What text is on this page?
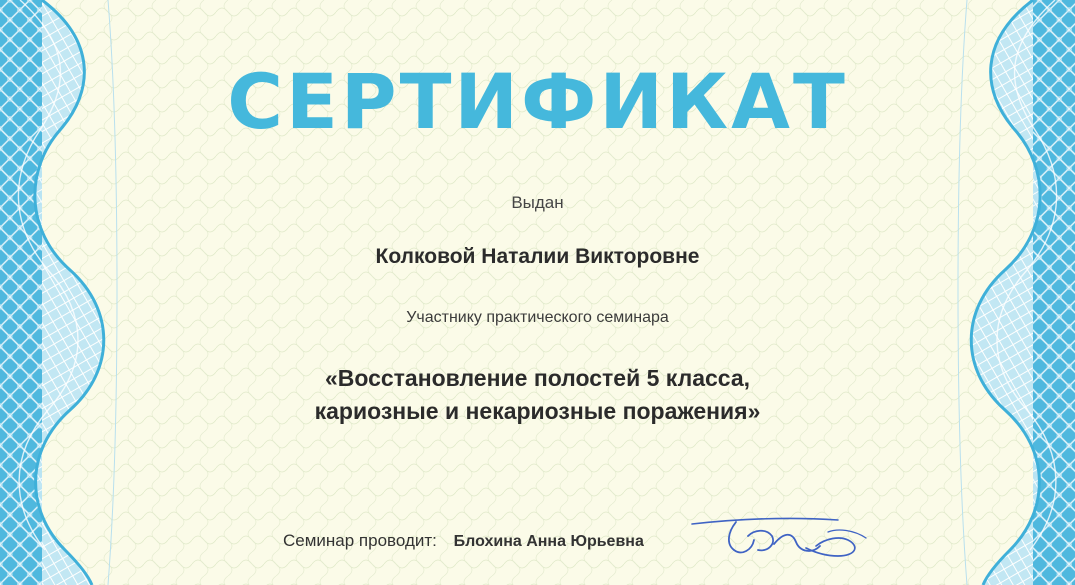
СЕРТИФИКАТ
Выдан
Колковой Наталии Викторовне
Участнику практического семинара
«Восстановление полостей 5 класса,
кариозные и некариозные поражения»
Семинар проводит: Блохина Анна Юрьевна
